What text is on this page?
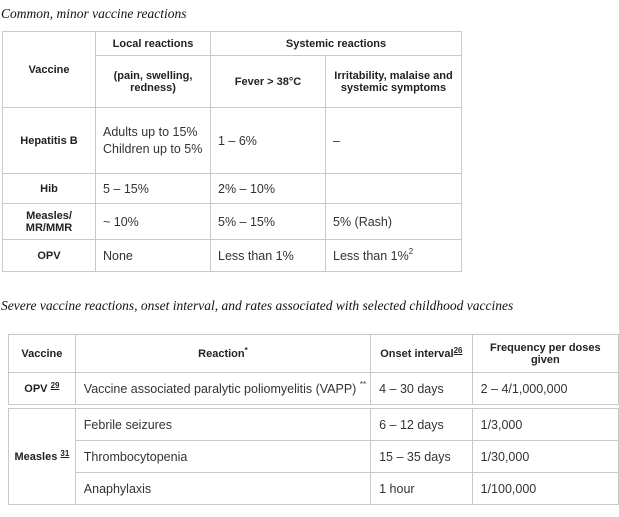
Common, minor vaccine reactions
Vaccine	Local reactions	Systemic reactions	
	(pain, swelling, redness)	Fever > 38°C	Irritability, malaise and systemic symptoms
Hepatitis B	Adults up to 15% Children up to 5%	1 – 6%	–
Hib	5 – 15%	2% – 10%	
Measles/ MR/MMR	~ 10%	5% – 15%	5% (Rash)
OPV	None	Less than 1%	Less than 1%$^2$
Severe vaccine reactions, onset interval, and rates associated with selected childhood vaccines
Vaccine	Reaction*	Onset interval$^{26}$	Frequency per doses given
OPV $^{29}$	Vaccine associated paralytic poliomyelitis (VAPP) **	4 – 30 days	2 – 4/1,000,000

Measles $^{31}$	Febrile seizures	6 – 12 days	1/3,000
	Thrombocytopenia	15 – 35 days	1/30,000
	Anaphylaxis	1 hour	1/100,000
